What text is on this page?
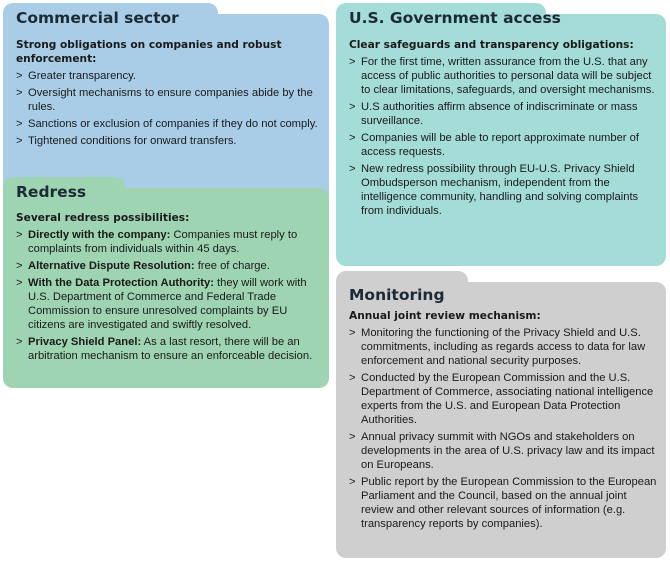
Commercial sector
Strong obligations on companies and robust enforcement:
> Greater transparency.
> Oversight mechanisms to ensure companies abide by the rules.
> Sanctions or exclusion of companies if they do not comply.
> Tightened conditions for onward transfers.
Redress
Several redress possibilities:
> Directly with the company: Companies must reply to complaints from individuals within 45 days.
> Alternative Dispute Resolution: free of charge.
> With the Data Protection Authority: they will work with U.S. Department of Commerce and Federal Trade Commission to ensure unresolved complaints by EU citizens are investigated and swiftly resolved.
> Privacy Shield Panel: As a last resort, there will be an arbitration mechanism to ensure an enforceable decision.
U.S. Government access
Clear safeguards and transparency obligations:
> For the first time, written assurance from the U.S. that any access of public authorities to personal data will be subject to clear limitations, safeguards, and oversight mechanisms.
> U.S authorities affirm absence of indiscriminate or mass surveillance.
> Companies will be able to report approximate number of access requests.
> New redress possibility through EU-U.S. Privacy Shield Ombudsperson mechanism, independent from the intelligence community, handling and solving complaints from individuals.
Monitoring
Annual joint review mechanism:
> Monitoring the functioning of the Privacy Shield and U.S. commitments, including as regards access to data for law enforcement and national security purposes.
> Conducted by the European Commission and the U.S. Department of Commerce, associating national intelligence experts from the U.S. and European Data Protection Authorities.
> Annual privacy summit with NGOs and stakeholders on developments in the area of U.S. privacy law and its impact on Europeans.
> Public report by the European Commission to the European Parliament and the Council, based on the annual joint review and other relevant sources of information (e.g. transparency reports by companies).
